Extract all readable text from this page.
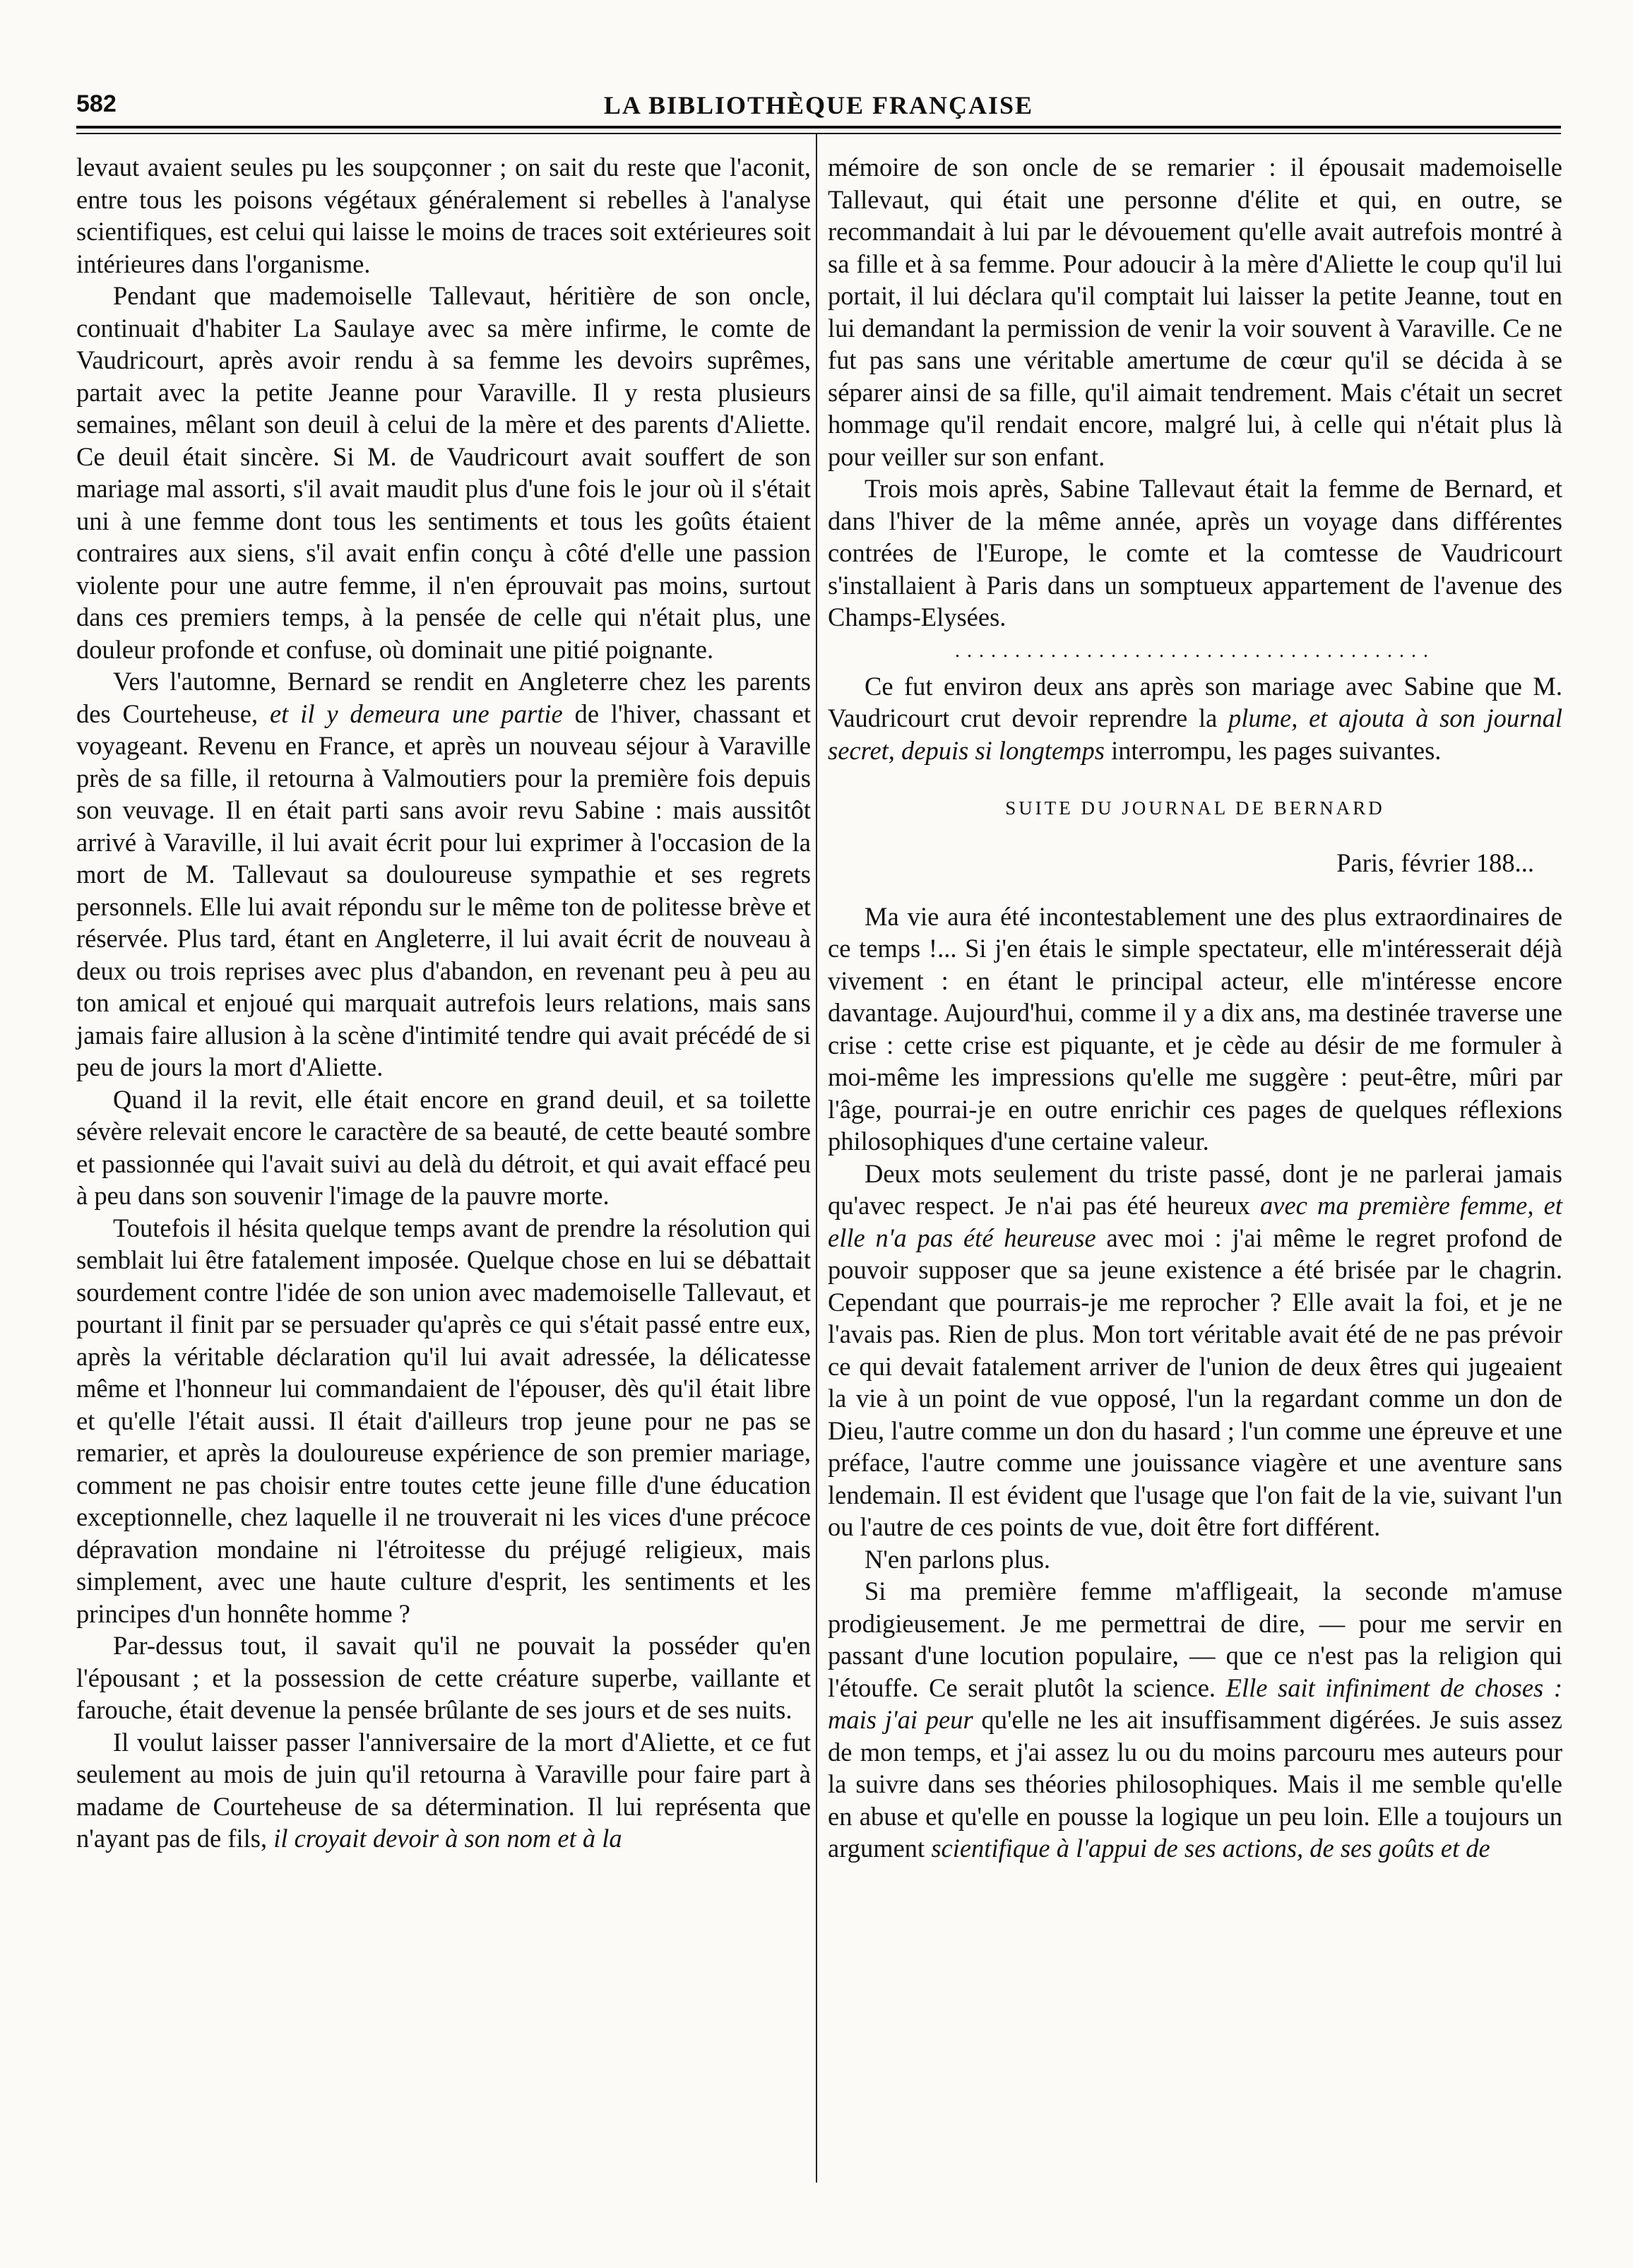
582	LA BIBLIOTHÈQUE FRANÇAISE

levaut avaient seules pu les soupçonner ; on sait du reste que l'aconit, entre tous les poisons végétaux généralement si rebelles à l'analyse scientifiques, est celui qui laisse le moins de traces soit extérieures soit intérieures dans l'organisme.

Pendant que mademoiselle Tallevaut, héritière de son oncle, continuait d'habiter La Saulaye avec sa mère infirme, le comte de Vaudricourt, après avoir rendu à sa femme les devoirs suprêmes, partait avec la petite Jeanne pour Varaville. Il y resta plusieurs semaines, mêlant son deuil à celui de la mère et des parents d'Aliette. Ce deuil était sincère. Si M. de Vaudricourt avait souffert de son mariage mal assorti, s'il avait maudit plus d'une fois le jour où il s'était uni à une femme dont tous les sentiments et tous les goûts étaient contraires aux siens, s'il avait enfin conçu à côté d'elle une passion violente pour une autre femme, il n'en éprouvait pas moins, surtout dans ces premiers temps, à la pensée de celle qui n'était plus, une douleur profonde et confuse, où dominait une pitié poignante.

Vers l'automne, Bernard se rendit en Angleterre chez les parents des Courteheuse, et il y demeura une partie de l'hiver, chassant et voyageant. Revenu en France, et après un nouveau séjour à Varaville près de sa fille, il retourna à Valmoutiers pour la première fois depuis son veuvage. Il en était parti sans avoir revu Sabine : mais aussitôt arrivé à Varaville, il lui avait écrit pour lui exprimer à l'occasion de la mort de M. Tallevaut sa douloureuse sympathie et ses regrets personnels. Elle lui avait répondu sur le même ton de politesse brève et réservée. Plus tard, étant en Angleterre, il lui avait écrit de nouveau à deux ou trois reprises avec plus d'abandon, en revenant peu à peu au ton amical et enjoué qui marquait autrefois leurs relations, mais sans jamais faire allusion à la scène d'intimité tendre qui avait précédé de si peu de jours la mort d'Aliette.

Quand il la revit, elle était encore en grand deuil, et sa toilette sévère relevait encore le caractère de sa beauté, de cette beauté sombre et passionnée qui l'avait suivi au delà du détroit, et qui avait effacé peu à peu dans son souvenir l'image de la pauvre morte.

Toutefois il hésita quelque temps avant de prendre la résolution qui semblait lui être fatalement imposée. Quelque chose en lui se débattait sourdement contre l'idée de son union avec mademoiselle Tallevaut, et pourtant il finit par se persuader qu'après ce qui s'était passé entre eux, après la véritable déclaration qu'il lui avait adressée, la délicatesse même et l'honneur lui commandaient de l'épouser, dès qu'il était libre et qu'elle l'était aussi. Il était d'ailleurs trop jeune pour ne pas se remarier, et après la douloureuse expérience de son premier mariage, comment ne pas choisir entre toutes cette jeune fille d'une éducation exceptionnelle, chez laquelle il ne trouverait ni les vices d'une précoce dépravation mondaine ni l'étroitesse du préjugé religieux, mais simplement, avec une haute culture d'esprit, les sentiments et les principes d'un honnête homme ?

Par-dessus tout, il savait qu'il ne pouvait la posséder qu'en l'épousant ; et la possession de cette créature superbe, vaillante et farouche, était devenue la pensée brûlante de ses jours et de ses nuits.

Il voulut laisser passer l'anniversaire de la mort d'Aliette, et ce fut seulement au mois de juin qu'il retourna à Varaville pour faire part à madame de Courteheuse de sa détermination. Il lui représenta que n'ayant pas de fils, il croyait devoir à son nom et à la

mémoire de son oncle de se remarier : il épousait mademoiselle Tallevaut, qui était une personne d'élite et qui, en outre, se recommandait à lui par le dévouement qu'elle avait autrefois montré à sa fille et à sa femme. Pour adoucir à la mère d'Aliette le coup qu'il lui portait, il lui déclara qu'il comptait lui laisser la petite Jeanne, tout en lui demandant la permission de venir la voir souvent à Varaville. Ce ne fut pas sans une véritable amertume de cœur qu'il se décida à se séparer ainsi de sa fille, qu'il aimait tendrement. Mais c'était un secret hommage qu'il rendait encore, malgré lui, à celle qui n'était plus là pour veiller sur son enfant.

Trois mois après, Sabine Tallevaut était la femme de Bernard, et dans l'hiver de la même année, après un voyage dans différentes contrées de l'Europe, le comte et la comtesse de Vaudricourt s'installaient à Paris dans un somptueux appartement de l'avenue des Champs-Elysées.

........................................

Ce fut environ deux ans après son mariage avec Sabine que M. Vaudricourt crut devoir reprendre la plume, et ajouta à son journal secret, depuis si longtemps interrompu, les pages suivantes.

SUITE DU JOURNAL DE BERNARD
Paris, février 188...

Ma vie aura été incontestablement une des plus extraordinaires de ce temps !... Si j'en étais le simple spectateur, elle m'intéresserait déjà vivement : en étant le principal acteur, elle m'intéresse encore davantage. Aujourd'hui, comme il y a dix ans, ma destinée traverse une crise : cette crise est piquante, et je cède au désir de me formuler à moi-même les impressions qu'elle me suggère : peut-être, mûri par l'âge, pourrai-je en outre enrichir ces pages de quelques réflexions philosophiques d'une certaine valeur.

Deux mots seulement du triste passé, dont je ne parlerai jamais qu'avec respect. Je n'ai pas été heureux avec ma première femme, et elle n'a pas été heureuse avec moi : j'ai même le regret profond de pouvoir supposer que sa jeune existence a été brisée par le chagrin. Cependant que pourrais-je me reprocher ? Elle avait la foi, et je ne l'avais pas. Rien de plus. Mon tort véritable avait été de ne pas prévoir ce qui devait fatalement arriver de l'union de deux êtres qui jugeaient la vie à un point de vue opposé, l'un la regardant comme un don de Dieu, l'autre comme un don du hasard ; l'un comme une épreuve et une préface, l'autre comme une jouissance viagère et une aventure sans lendemain. Il est évident que l'usage que l'on fait de la vie, suivant l'un ou l'autre de ces points de vue, doit être fort différent.

N'en parlons plus.

Si ma première femme m'affligeait, la seconde m'amuse prodigieusement. Je me permettrai de dire, — pour me servir en passant d'une locution populaire, — que ce n'est pas la religion qui l'étouffe. Ce serait plutôt la science. Elle sait infiniment de choses : mais j'ai peur qu'elle ne les ait insuffisamment digérées. Je suis assez de mon temps, et j'ai assez lu ou du moins parcouru mes auteurs pour la suivre dans ses théories philosophiques. Mais il me semble qu'elle en abuse et qu'elle en pousse la logique un peu loin. Elle a toujours un argument scientifique à l'appui de ses actions, de ses goûts et de
